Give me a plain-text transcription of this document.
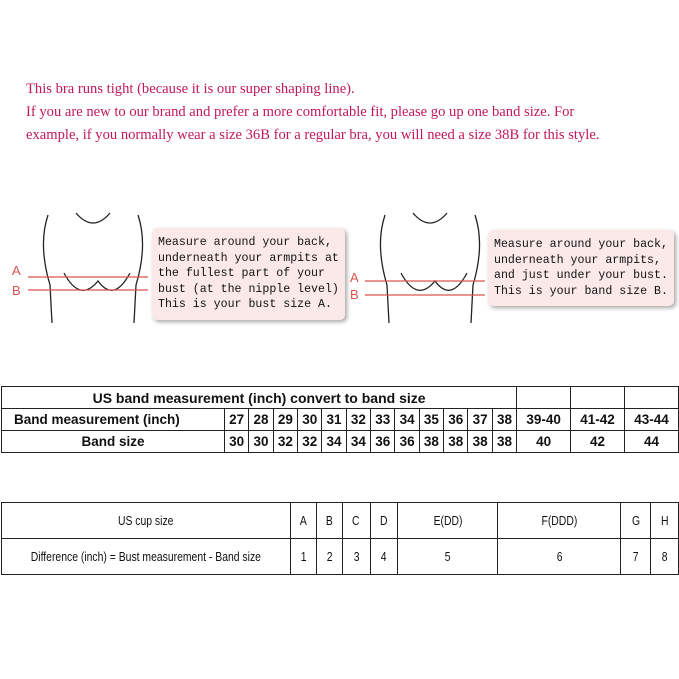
This bra runs tight (because it is our super shaping line).
If you are new to our brand and prefer a more comfortable fit, please go up one band size. For
example, if you normally wear a size 36B for a regular bra, you will need a size 38B for this style.
A
B
Measure around your back,
underneath your armpits at
the fullest part of your
bust (at the nipple level)
This is your bust size A.
A
B
Measure around your back,
underneath your armpits,
and just under your bust.
This is your band size B.
US band measurement (inch) convert to band size															
Band measurement (inch)	27	28	29	30	31	32	33	34	35	36	37	38	39-40	41-42	43-44
Band size	30	30	32	32	34	34	36	36	38	38	38	38	40	42	44
US cup size	A	B	C	D	E(DD)	F(DDD)	G	H
Difference (inch) = Bust measurement - Band size	1	2	3	4	5	6	7	8
